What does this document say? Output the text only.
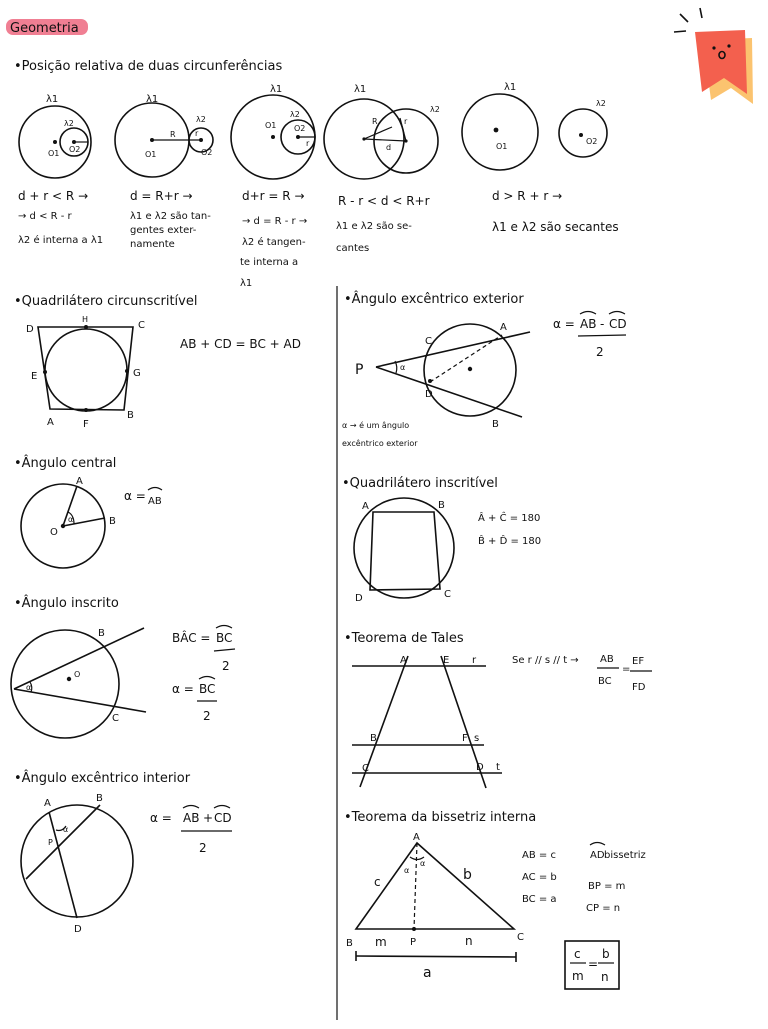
Geometria
•Posição relativa de duas circunferências
λ1
λ2
O1 O2
d + r < R →
→ d < R - r
λ2 é interna a λ1
λ1
R r
λ2
O1	O2
d = R+r →
λ1 e λ2 são tan-
gentes exter-
namente
λ1
λ2
O1 O2
r
d+r = R →
→ d = R - r →
λ2 é tangen-
te interna a
λ1
λ1
R	r
d
λ2
R - r < d < R+r
λ1 e λ2 são se-
cantes
λ1
O1
O2
λ2
d > R + r →
λ1 e λ2 são secantes
•Quadrilátero circunscritível
D
H
C
E	G
A	F
B
AB + CD = BC + AD
•Ângulo central
O
A
B
α
α = AB
•Ângulo inscrito
α
O
B
C
BÂC = BC
2
α = BC
2
•Ângulo excêntrico interior
A	B
P
α
D
α = AB + CD
2
•Ângulo excêntrico exterior
P	α
C
A
D
B
α → é um ângulo
excêntrico exterior
α = AB - CD
2
•Quadrilátero inscritível
A	B
D	C
Â + Ĉ = 180
B̂ + D̂ = 180
•Teorema de Tales
A	E r
B	F s
C	D t
Se r // s // t → AB
BC
=
EF
FD
•Teorema da bissetriz interna
A
α
α
c	b
B m P	n	C
a
AB = c
AC = b
BC = a
AD bissetriz
BP = m
CP = n
c
m
=
b
n
